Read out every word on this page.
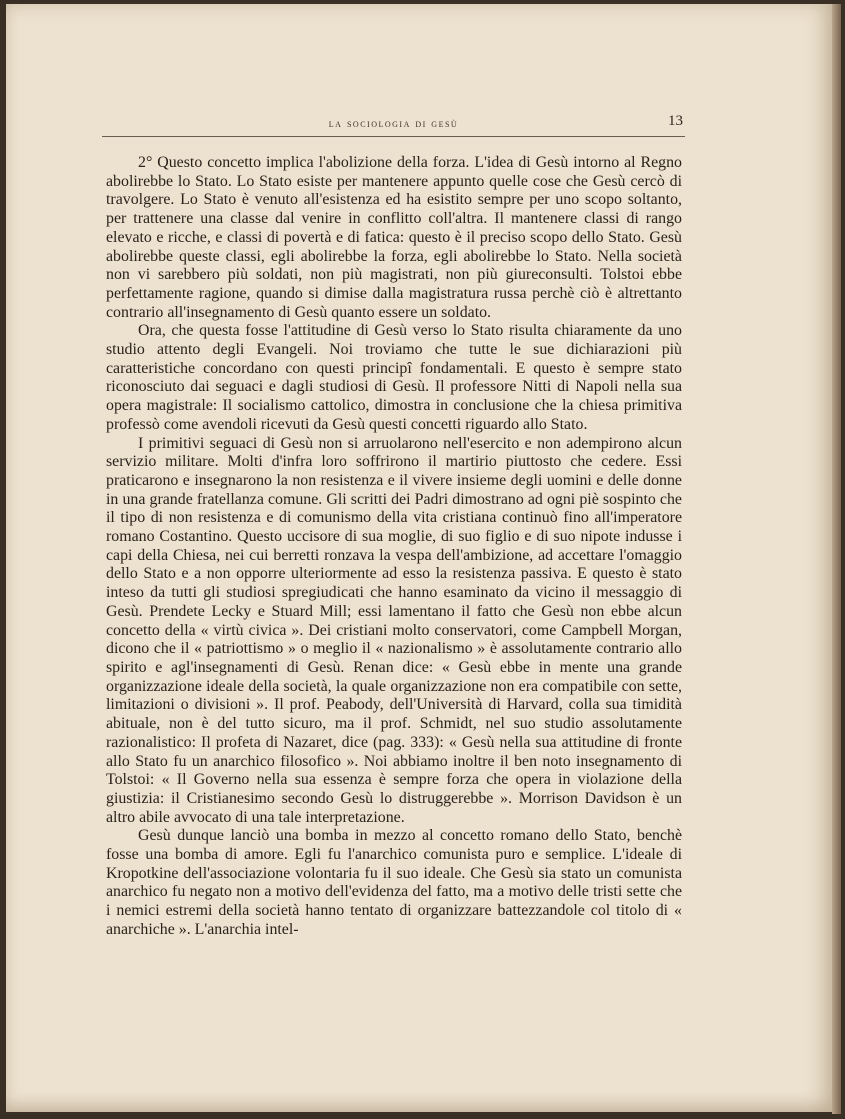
la sociologia di gesù	13

2° Questo concetto implica l'abolizione della forza. L'idea di Gesù intorno al Regno abolirebbe lo Stato. Lo Stato esiste per mantenere appunto quelle cose che Gesù cercò di travolgere. Lo Stato è venuto all'esistenza ed ha esistito sempre per uno scopo soltanto, per trattenere una classe dal venire in conflitto coll'altra. Il mantenere classi di rango elevato e ricche, e classi di povertà e di fatica: questo è il preciso scopo dello Stato. Gesù abolirebbe queste classi, egli abolirebbe la forza, egli abolirebbe lo Stato. Nella società non vi sarebbero più soldati, non più magistrati, non più giureconsulti. Tolstoi ebbe perfettamente ragione, quando si dimise dalla magistratura russa perchè ciò è altrettanto contrario all'insegnamento di Gesù quanto essere un soldato.

Ora, che questa fosse l'attitudine di Gesù verso lo Stato risulta chiaramente da uno studio attento degli Evangeli. Noi troviamo che tutte le sue dichiarazioni più caratteristiche concordano con questi principî fondamentali. E questo è sempre stato riconosciuto dai seguaci e dagli studiosi di Gesù. Il professore Nitti di Napoli nella sua opera magistrale: Il socialismo cattolico, dimostra in conclusione che la chiesa primitiva professò come avendoli ricevuti da Gesù questi concetti riguardo allo Stato.

I primitivi seguaci di Gesù non si arruolarono nell'esercito e non adempirono alcun servizio militare. Molti d'infra loro soffrirono il martirio piuttosto che cedere. Essi praticarono e insegnarono la non resistenza e il vivere insieme degli uomini e delle donne in una grande fratellanza comune. Gli scritti dei Padri dimostrano ad ogni piè sospinto che il tipo di non resistenza e di comunismo della vita cristiana continuò fino all'imperatore romano Costantino. Questo uccisore di sua moglie, di suo figlio e di suo nipote indusse i capi della Chiesa, nei cui berretti ronzava la vespa dell'ambizione, ad accettare l'omaggio dello Stato e a non opporre ulteriormente ad esso la resistenza passiva. E questo è stato inteso da tutti gli studiosi spregiudicati che hanno esaminato da vicino il messaggio di Gesù. Prendete Lecky e Stuard Mill; essi lamentano il fatto che Gesù non ebbe alcun concetto della « virtù civica ». Dei cristiani molto conservatori, come Campbell Morgan, dicono che il « patriottismo » o meglio il « nazionalismo » è assolutamente contrario allo spirito e agl'insegnamenti di Gesù. Renan dice: « Gesù ebbe in mente una grande organizzazione ideale della società, la quale organizzazione non era compatibile con sette, limitazioni o divisioni ». Il prof. Peabody, dell'Università di Harvard, colla sua timidità abituale, non è del tutto sicuro, ma il prof. Schmidt, nel suo studio assolutamente razionalistico: Il profeta di Nazaret, dice (pag. 333): « Gesù nella sua attitudine di fronte allo Stato fu un anarchico filosofico ». Noi abbiamo inoltre il ben noto insegnamento di Tolstoi: « Il Governo nella sua essenza è sempre forza che opera in violazione della giustizia: il Cristianesimo secondo Gesù lo distruggerebbe ». Morrison Davidson è un altro abile avvocato di una tale interpretazione.

Gesù dunque lanciò una bomba in mezzo al concetto romano dello Stato, benchè fosse una bomba di amore. Egli fu l'anarchico comunista puro e semplice. L'ideale di Kropotkine dell'associazione volontaria fu il suo ideale. Che Gesù sia stato un comunista anarchico fu negato non a motivo dell'evidenza del fatto, ma a motivo delle tristi sette che i nemici estremi della società hanno tentato di organizzare battezzandole col titolo di « anarchiche ». L'anarchia intel-
